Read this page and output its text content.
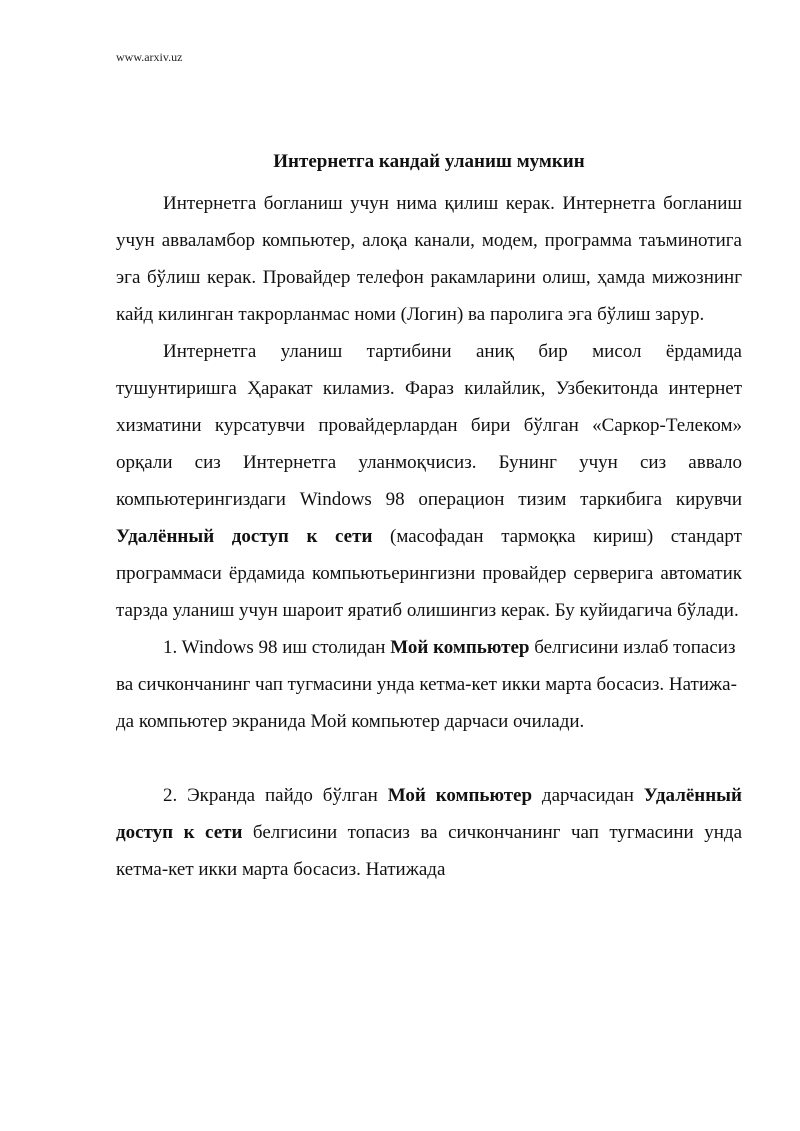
www.arxiv.uz
Интернетга кандай уланиш мумкин

Интернетга богланиш учун нима қилиш керак. Интернетга богланиш учун авваламбор компьютер, алоқа канали, модем, программа таъминотига эга бўлиш керак. Провайдер телефон ракамларини олиш, ҳамда мижознинг кайд килинган такрорланмас номи (Логин) ва паролига эга бўлиш зарур.

Интернетга уланиш тартибини аниқ бир мисол ёрдамида тушунтиришга Ҳаракат киламиз. Фараз килайлик, Узбекитонда интернет хизматини курсатувчи провайдерлардан бири бўлган «Саркор-Телеком» орқали сиз Интернетга уланмоқчисиз. Бунинг учун сиз аввало компьютерингиздаги Windows 98 операцион тизим таркибига кирувчи Удалённый доступ к сети (масофадан тармоқка кириш) стандарт программаси ёрдамида компьютьерингизни провайдер серверига автоматик тарзда уланиш учун шароит яратиб олишингиз керак. Бу куйидагича бўлади.

1. Windows 98 иш столидан Мой компьютер белгисини излаб топасиз ва сичкончанинг чап тугмасини унда кетма-кет икки марта босасиз. Натижа-да компьютер экранида Мой компьютер дарчаси очилади.

2. Экранда пайдо бўлган Мой компьютер дарчасидан Удалённый доступ к сети белгисини топасиз ва сичкончанинг чап тугмасини унда кетма-кет икки марта босасиз. Натижада
